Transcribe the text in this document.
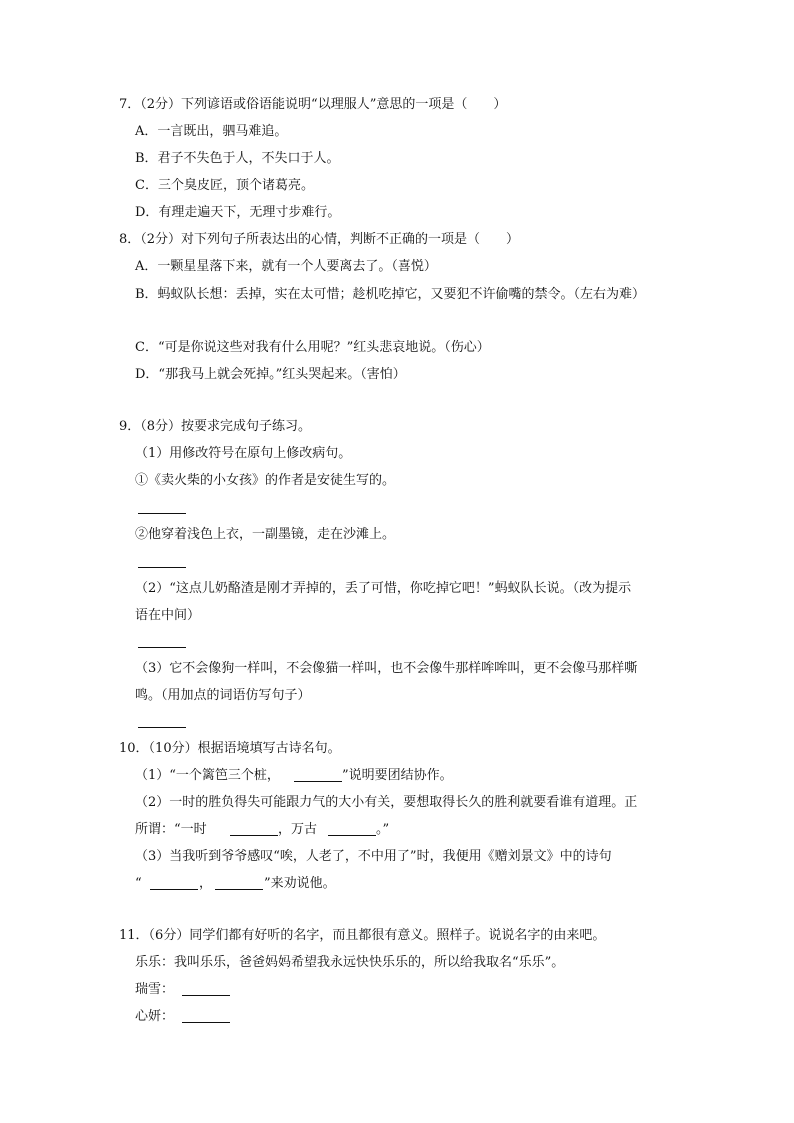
7．（2分）下列谚语或俗语能说明“以理服人”意思的一项是（　　）
A．一言既出，驷马难追。
B．君子不失色于人，不失口于人。
C．三个臭皮匠，顶个诸葛亮。
D．有理走遍天下，无理寸步难行。
8．（2分）对下列句子所表达出的心情，判断不正确的一项是（　　）
A．一颗星星落下来，就有一个人要离去了。（喜悦）
B．蚂蚁队长想：丢掉，实在太可惜；趁机吃掉它，又要犯不许偷嘴的禁令。（左右为难）
C．“可是你说这些对我有什么用呢？”红头悲哀地说。（伤心）
D．“那我马上就会死掉。”红头哭起来。（害怕）
9．（8分）按要求完成句子练习。
（1）用修改符号在原句上修改病句。
①《卖火柴的小女孩》的作者是安徒生写的。
②他穿着浅色上衣，一副墨镜，走在沙滩上。
（2）“这点儿奶酪渣是刚才弄掉的，丢了可惜，你吃掉它吧！”蚂蚁队长说。（改为提示
语在中间）
（3）它不会像狗一样叫，不会像猫一样叫，也不会像牛那样哞哞叫，更不会像马那样嘶
鸣。（用加点的词语仿写句子）
10．（10分）根据语境填写古诗名句。
（1）“一个篱笆三个桩，	”说明要团结协作。
（2）一时的胜负得失可能跟力气的大小有关，要想取得长久的胜利就要看谁有道理。正
所谓：“一时	，万古	。”
（3）当我听到爷爷感叹“唉，人老了，不中用了”时，我便用《赠刘景文》中的诗句
“	，	”来劝说他。
11．（6分）同学们都有好听的名字，而且都很有意义。照样子。说说名字的由来吧。
乐乐：我叫乐乐，爸爸妈妈希望我永远快快乐乐的，所以给我取名“乐乐”。
瑞雪：
心妍：
